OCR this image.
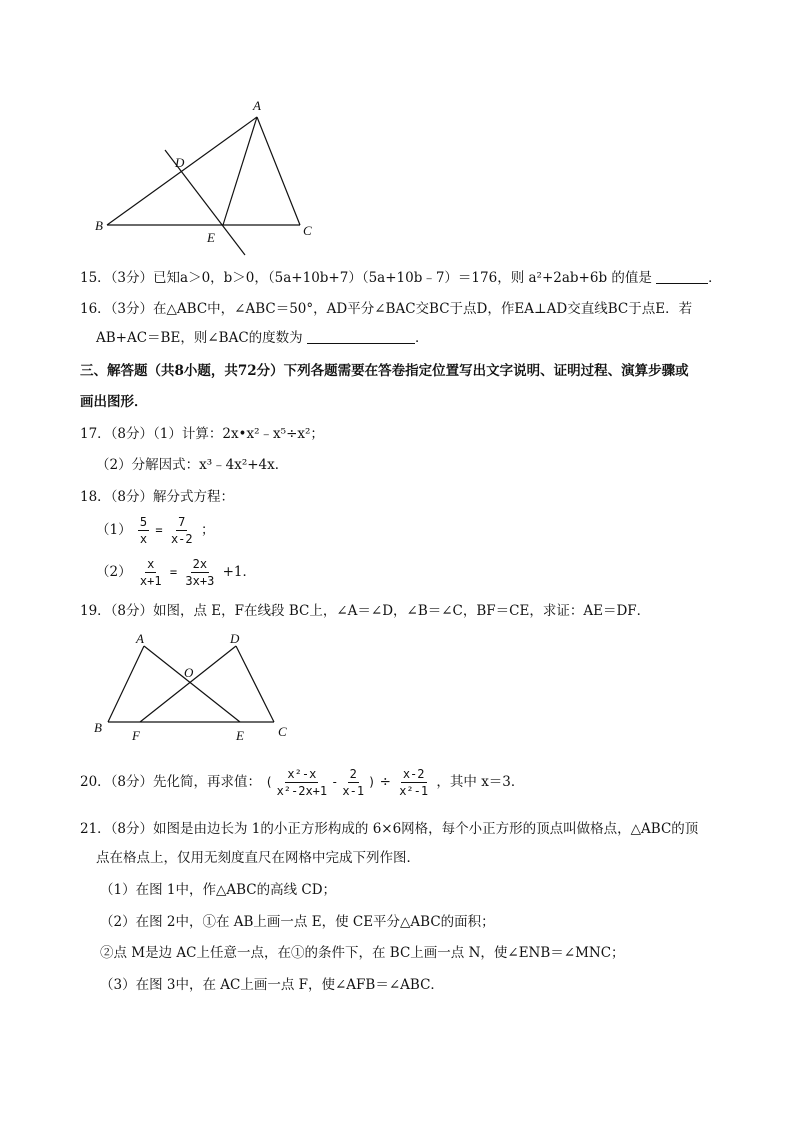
A
D
B
E	C
15．（3分）已知a＞0，b＞0，（5a+10b+7）（5a+10b﹣7）＝176，则 a²+2ab+6b 的值是	．
16．（3分）在△ABC中，∠ABC＝50°，AD平分∠BAC交BC于点D，作EA⊥AD交直线BC于点E．若
AB+AC＝BE，则∠BAC的度数为	．
三、解答题（共8小题，共72分）下列各题需要在答卷指定位置写出文字说明、证明过程、演算步骤或
画出图形．
17．（8分）（1）计算：2x•x²﹣x⁵÷x²；
（2）分解因式：x³﹣4x²+4x．
18．（8分）解分式方程：
$(1) \frac{5}{x} = \frac{7}{x-2}$ ；
$(2) \frac{x}{x+1} = \frac{2x}{3x+3} +1$．
19．（8分）如图，点 E，F在线段 BC上，∠A＝∠D，∠B＝∠C，BF＝CE，求证：AE＝DF．
A	D
O
B
F	E	C
20．（8分）先化简，再求值： ( $\frac{\text{x²-x}}{\text{x²-2x+1}} - \frac{2}{x-1}$ ) ÷ $\frac{x-2}{\text{x²-1}}$ ，其中 x＝3．
21．（8分）如图是由边长为 1的小正方形构成的 6×6网格，每个小正方形的顶点叫做格点，△ABC的顶
点在格点上，仅用无刻度直尺在网格中完成下列作图．
（1）在图 1中，作△ABC的高线 CD；
（2）在图 2中，①在 AB上画一点 E，使 CE平分△ABC的面积；
②点 M是边 AC上任意一点，在①的条件下，在 BC上画一点 N，使∠ENB＝∠MNC；
（3）在图 3中，在 AC上画一点 F，使∠AFB＝∠ABC．
